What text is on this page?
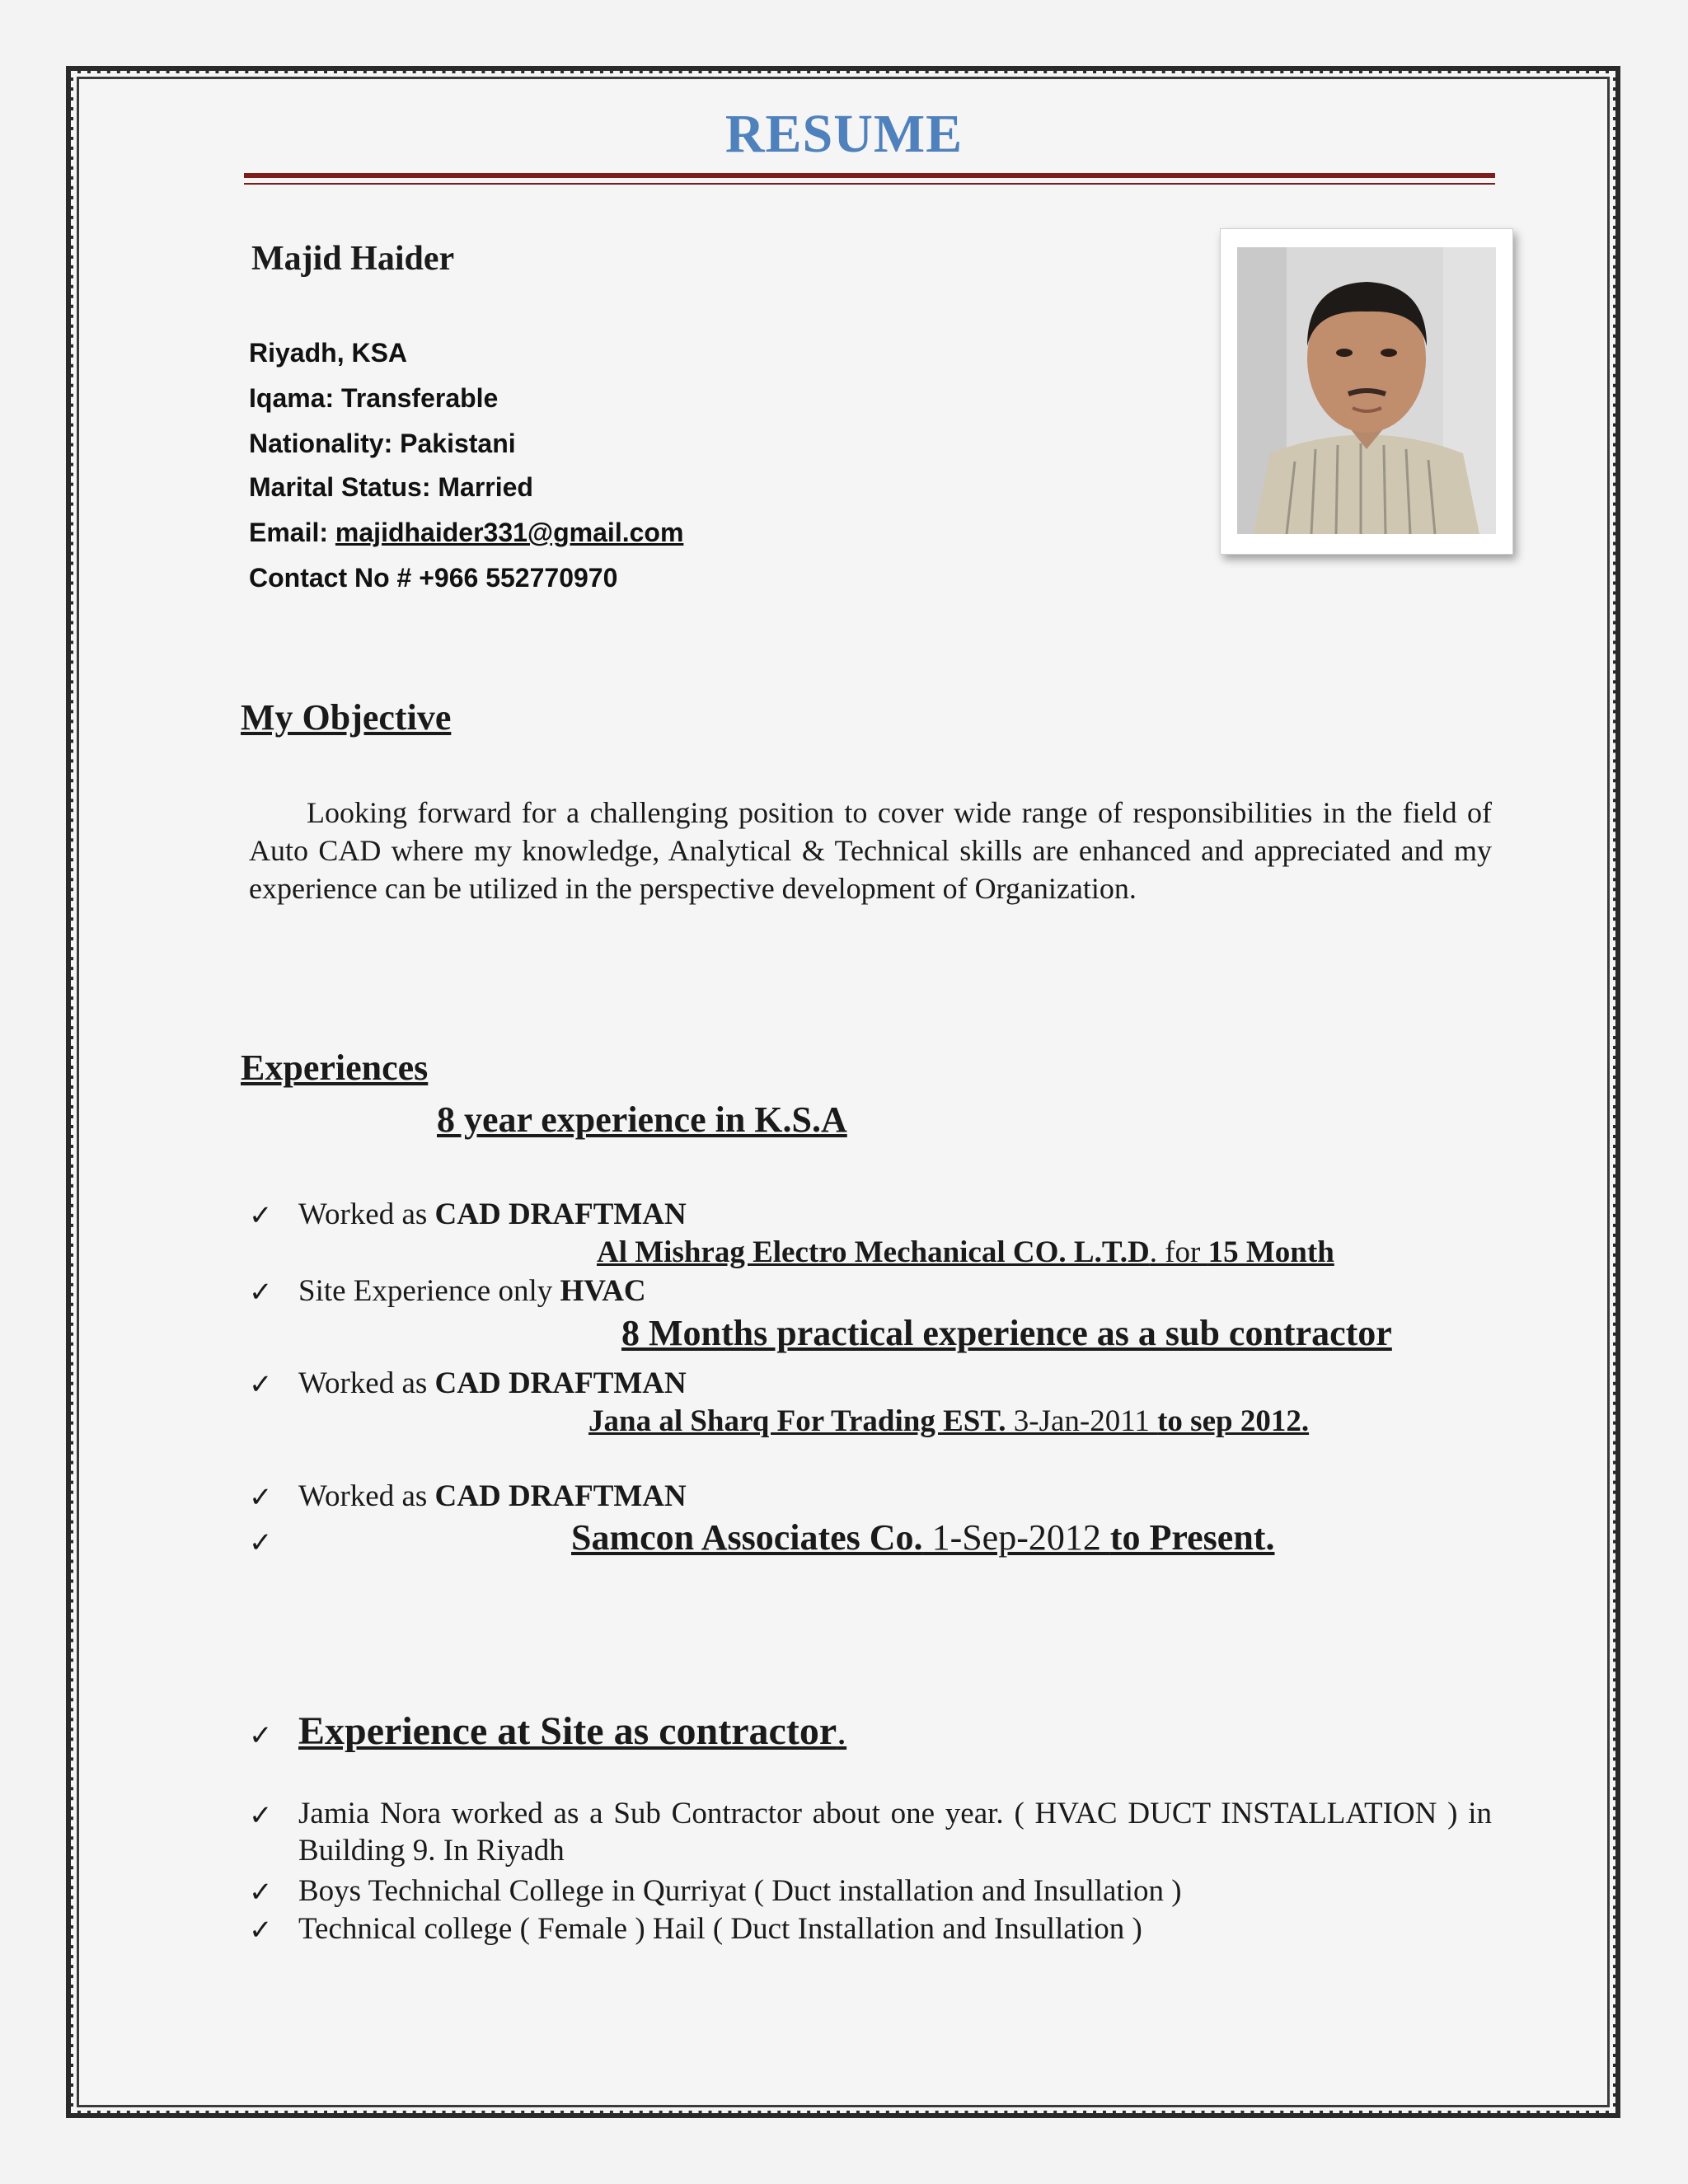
RESUME
Majid Haider
Riyadh, KSA
Iqama: Transferable
Nationality: Pakistani
Marital Status: Married
Email: majidhaider331@gmail.com
Contact No # +966 552770970
My Objective
Looking forward for a challenging position to cover wide range of responsibilities in the field of Auto CAD where my knowledge, Analytical & Technical skills are enhanced and appreciated and my experience can be utilized in the perspective development of Organization.
Experiences
8 year experience in K.S.A
✓ Worked as CAD DRAFTMAN
Al Mishrag Electro Mechanical CO. L.T.D. for 15 Month
✓ Site Experience only HVAC
8 Months practical experience as a sub contractor
✓ Worked as CAD DRAFTMAN
Jana al Sharq For Trading EST. 3-Jan-2011 to sep 2012.
✓ Worked as CAD DRAFTMAN
✓	Samcon Associates Co. 1-Sep-2012 to Present.
✓ Experience at Site as contractor.
✓ Jamia Nora worked as a Sub Contractor about one year. ( HVAC DUCT INSTALLATION ) in Building 9. In Riyadh
✓ Boys Technichal College in Qurriyat ( Duct installation and Insullation )
✓ Technical college ( Female ) Hail ( Duct Installation and Insullation )
